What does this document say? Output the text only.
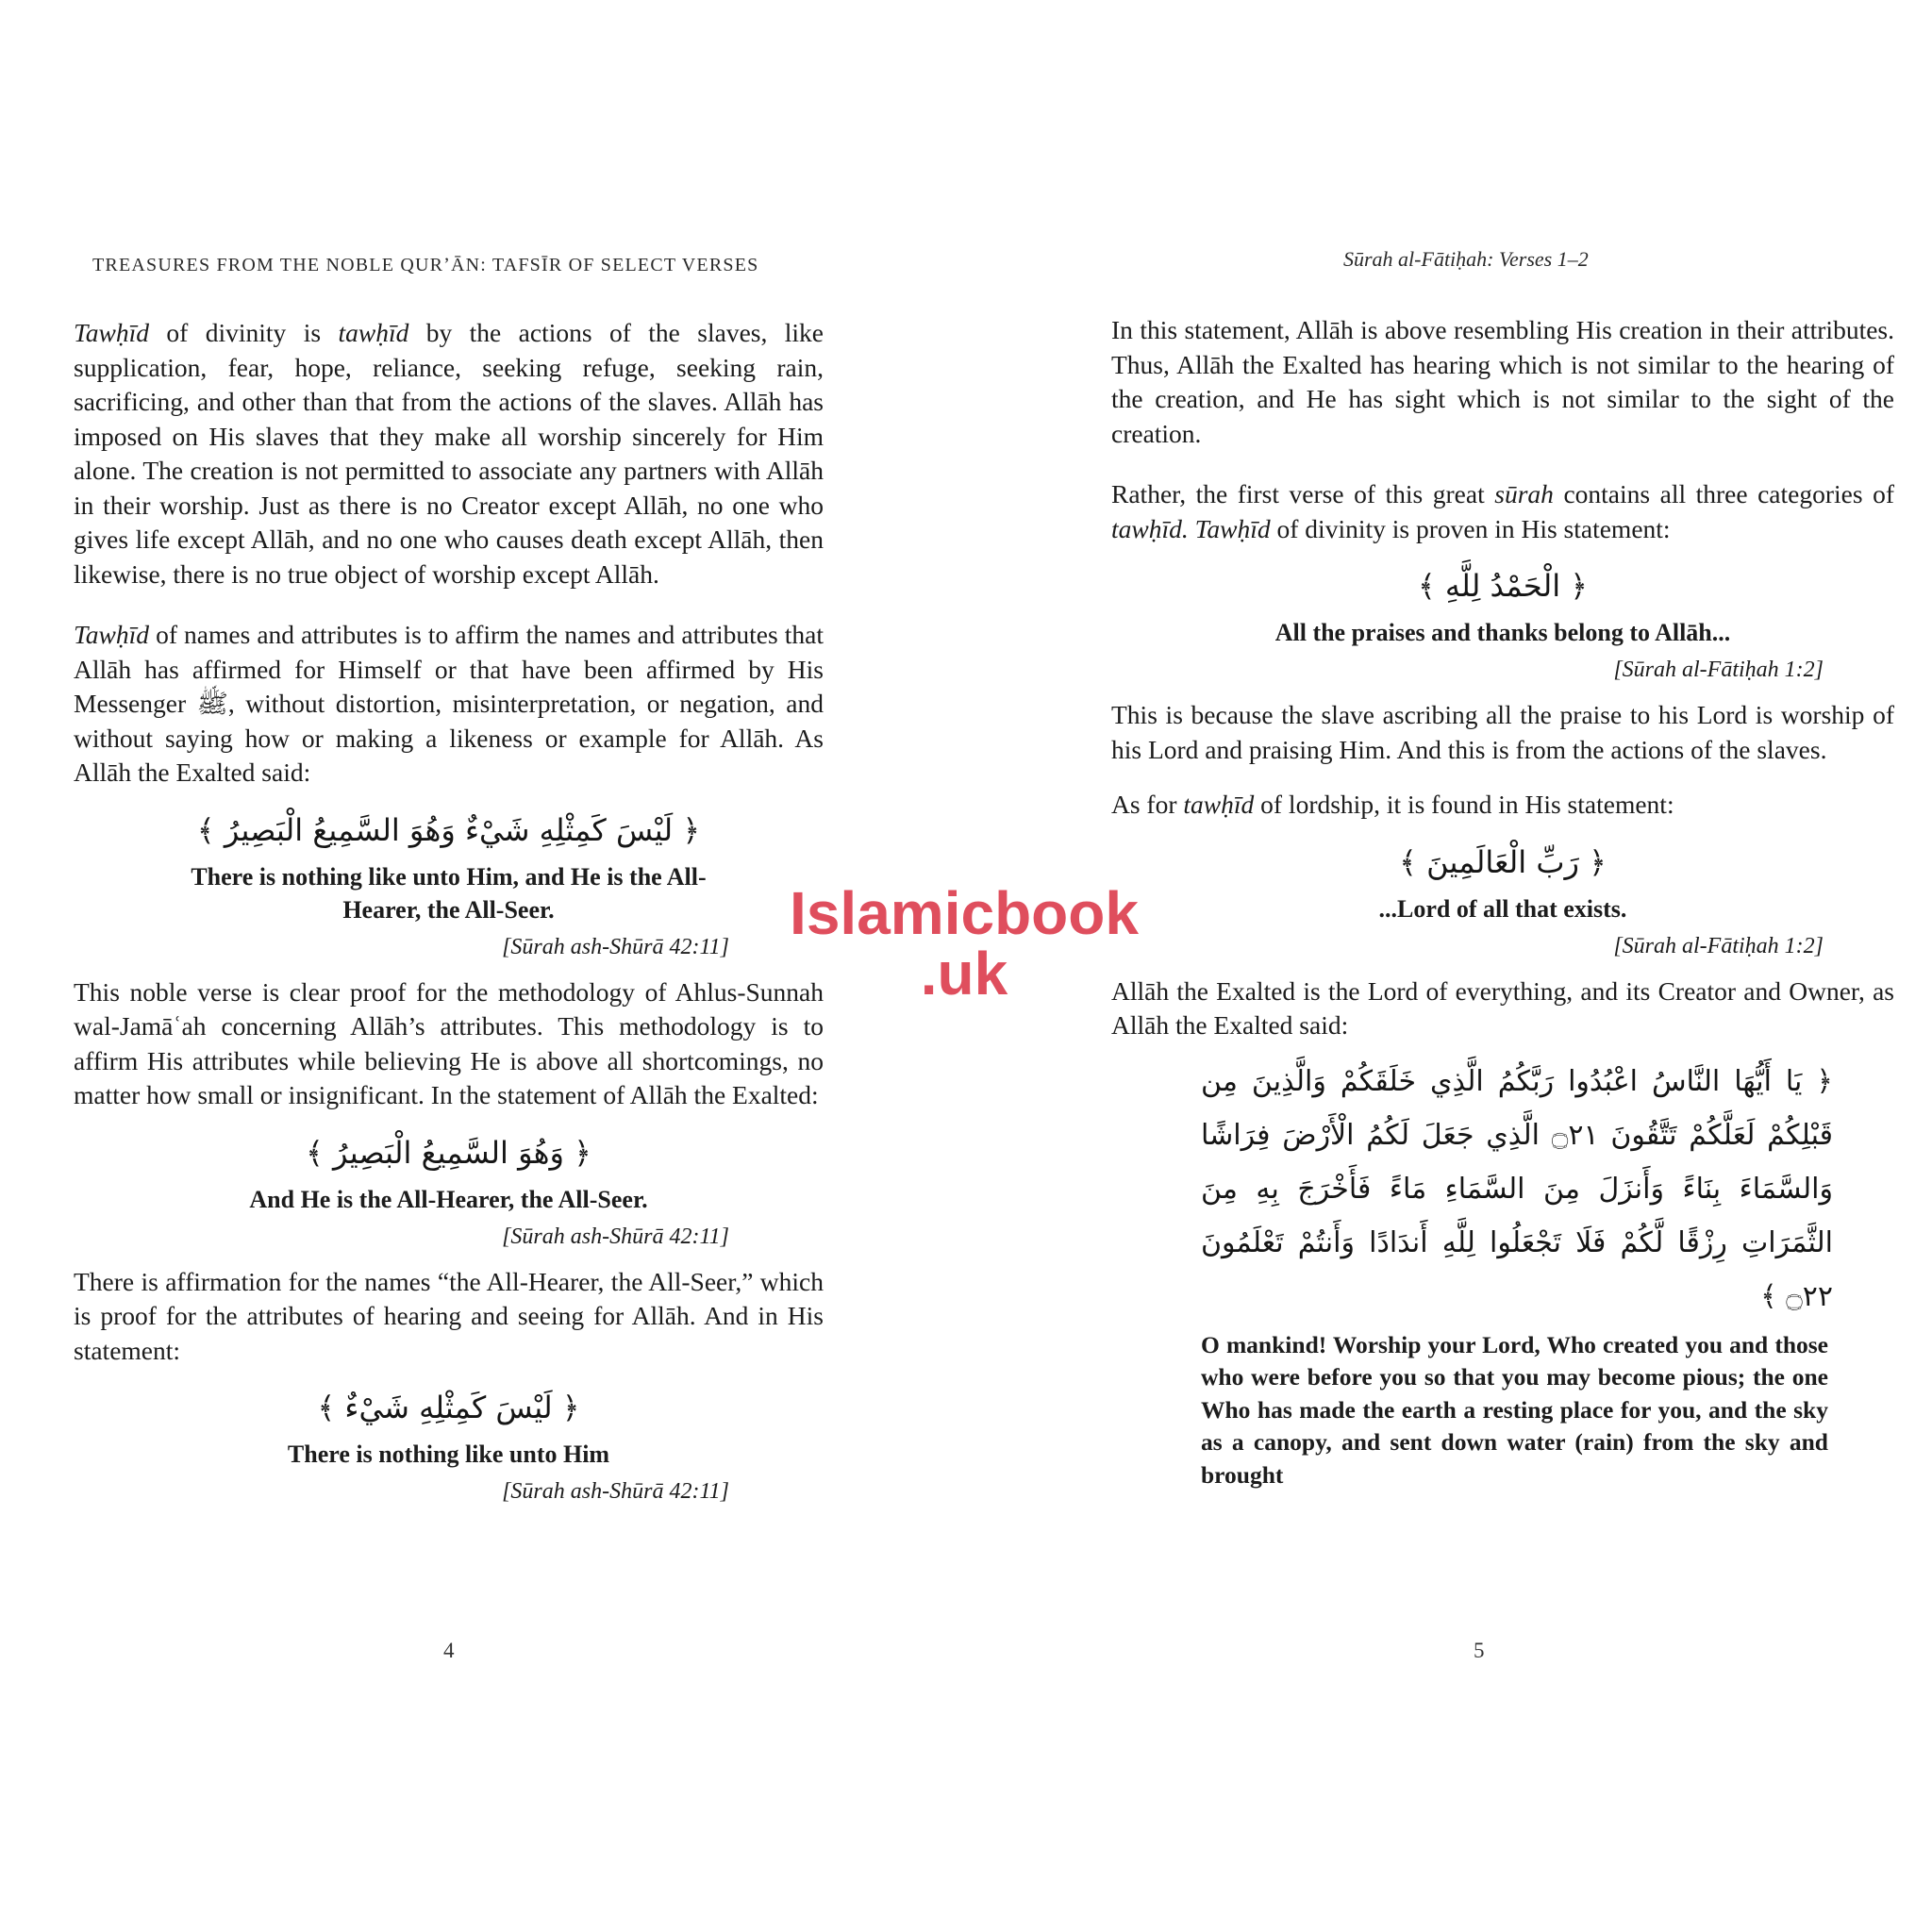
TREASURES FROM THE NOBLE QURʼĀN: TAFSĪR OF SELECT VERSES

Tawḥīd of divinity is tawḥīd by the actions of the slaves, like supplication, fear, hope, reliance, seeking refuge, seeking rain, sacrificing, and other than that from the actions of the slaves. Allāh has imposed on His slaves that they make all worship sincerely for Him alone. The creation is not permitted to associate any partners with Allāh in their worship. Just as there is no Creator except Allāh, no one who gives life except Allāh, and no one who causes death except Allāh, then likewise, there is no true object of worship except Allāh.

Tawḥīd of names and attributes is to affirm the names and attributes that Allāh has affirmed for Himself or that have been affirmed by His Messenger ﷺ, without distortion, misinterpretation, or negation, and without saying how or making a likeness or example for Allāh. As Allāh the Exalted said:

﴿ لَيْسَ كَمِثْلِهِ شَيْءٌ وَهُوَ السَّمِيعُ الْبَصِيرُ ﴾

There is nothing like unto Him, and He is the All-Hearer, the All-Seer.

[Sūrah ash-Shūrā 42:11]

This noble verse is clear proof for the methodology of Ahlus-Sunnah wal-Jamāʿah concerning Allāh’s attributes. This methodology is to affirm His attributes while believing He is above all shortcomings, no matter how small or insignificant. In the statement of Allāh the Exalted:

﴿ وَهُوَ السَّمِيعُ الْبَصِيرُ ﴾

And He is the All-Hearer, the All-Seer.

[Sūrah ash-Shūrā 42:11]

There is affirmation for the names “the All-Hearer, the All-Seer,” which is proof for the attributes of hearing and seeing for Allāh. And in His statement:

﴿ لَيْسَ كَمِثْلِهِ شَيْءٌ ﴾

There is nothing like unto Him

[Sūrah ash-Shūrā 42:11]

4
Sūrah al-Fātiḥah: Verses 1–2

In this statement, Allāh is above resembling His creation in their attributes. Thus, Allāh the Exalted has hearing which is not similar to the hearing of the creation, and He has sight which is not similar to the sight of the creation.

Rather, the first verse of this great sūrah contains all three categories of tawḥīd. Tawḥīd of divinity is proven in His statement:

﴿ الْحَمْدُ لِلَّهِ ﴾

All the praises and thanks belong to Allāh...

[Sūrah al-Fātiḥah 1:2]

This is because the slave ascribing all the praise to his Lord is worship of his Lord and praising Him. And this is from the actions of the slaves.

As for tawḥīd of lordship, it is found in His statement:

﴿ رَبِّ الْعَالَمِينَ ﴾

...Lord of all that exists.

[Sūrah al-Fātiḥah 1:2]

Allāh the Exalted is the Lord of everything, and its Creator and Owner, as Allāh the Exalted said:

﴿ يَا أَيُّهَا النَّاسُ اعْبُدُوا رَبَّكُمُ الَّذِي خَلَقَكُمْ وَالَّذِينَ مِن قَبْلِكُمْ لَعَلَّكُمْ تَتَّقُونَ ۝٢١ الَّذِي جَعَلَ لَكُمُ الْأَرْضَ فِرَاشًا وَالسَّمَاءَ بِنَاءً وَأَنزَلَ مِنَ السَّمَاءِ مَاءً فَأَخْرَجَ بِهِ مِنَ الثَّمَرَاتِ رِزْقًا لَّكُمْ فَلَا تَجْعَلُوا لِلَّهِ أَندَادًا وَأَنتُمْ تَعْلَمُونَ ۝٢٢ ﴾

O mankind! Worship your Lord, Who created you and those who were before you so that you may become pious; the one Who has made the earth a resting place for you, and the sky as a canopy, and sent down water (rain) from the sky and brought

5
Islamicbook
.uk
